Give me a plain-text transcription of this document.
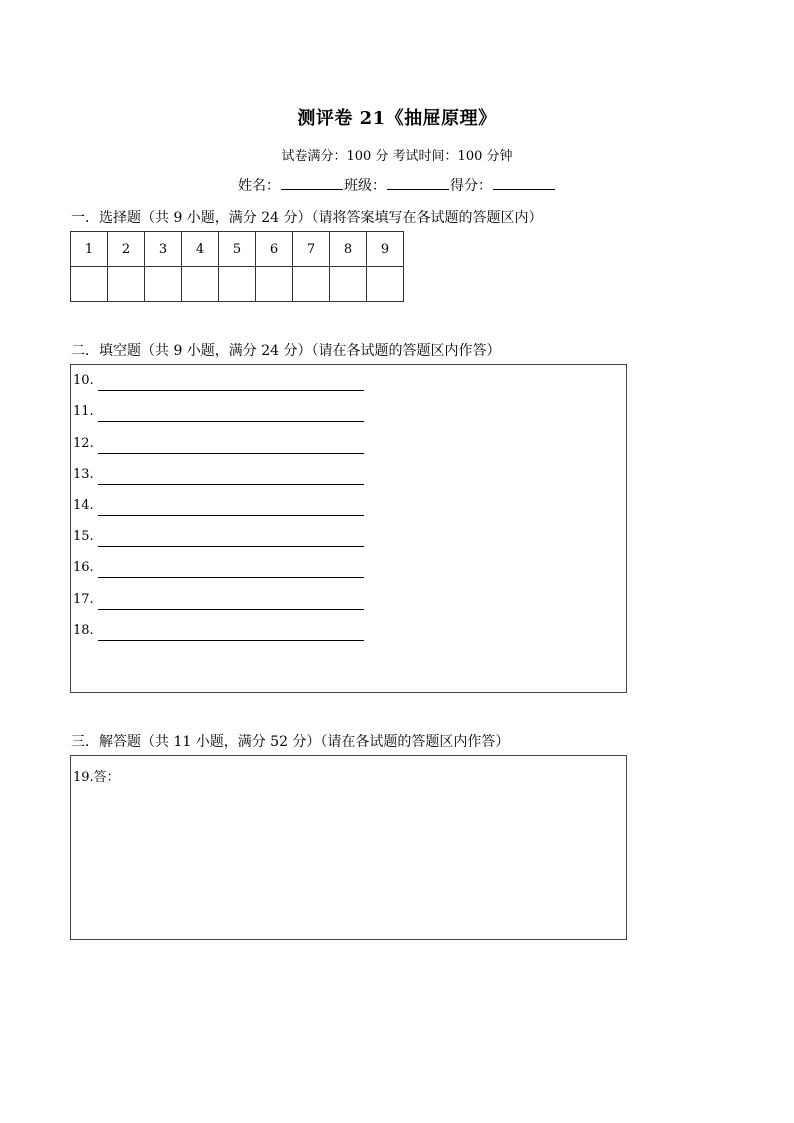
测评卷 21《抽屉原理》
试卷满分：100 分 考试时间：100 分钟
姓名：	班级：	得分：
一．选择题（共 9 小题，满分 24 分）（请将答案填写在各试题的答题区内）
1	2	3	4	5	6	7	8	9

二．填空题（共 9 小题，满分 24 分）（请在各试题的答题区内作答）
10.
11.
12.
13.
14.
15.
16.
17.
18.
三．解答题（共 11 小题，满分 52 分）（请在各试题的答题区内作答）
19.答：
